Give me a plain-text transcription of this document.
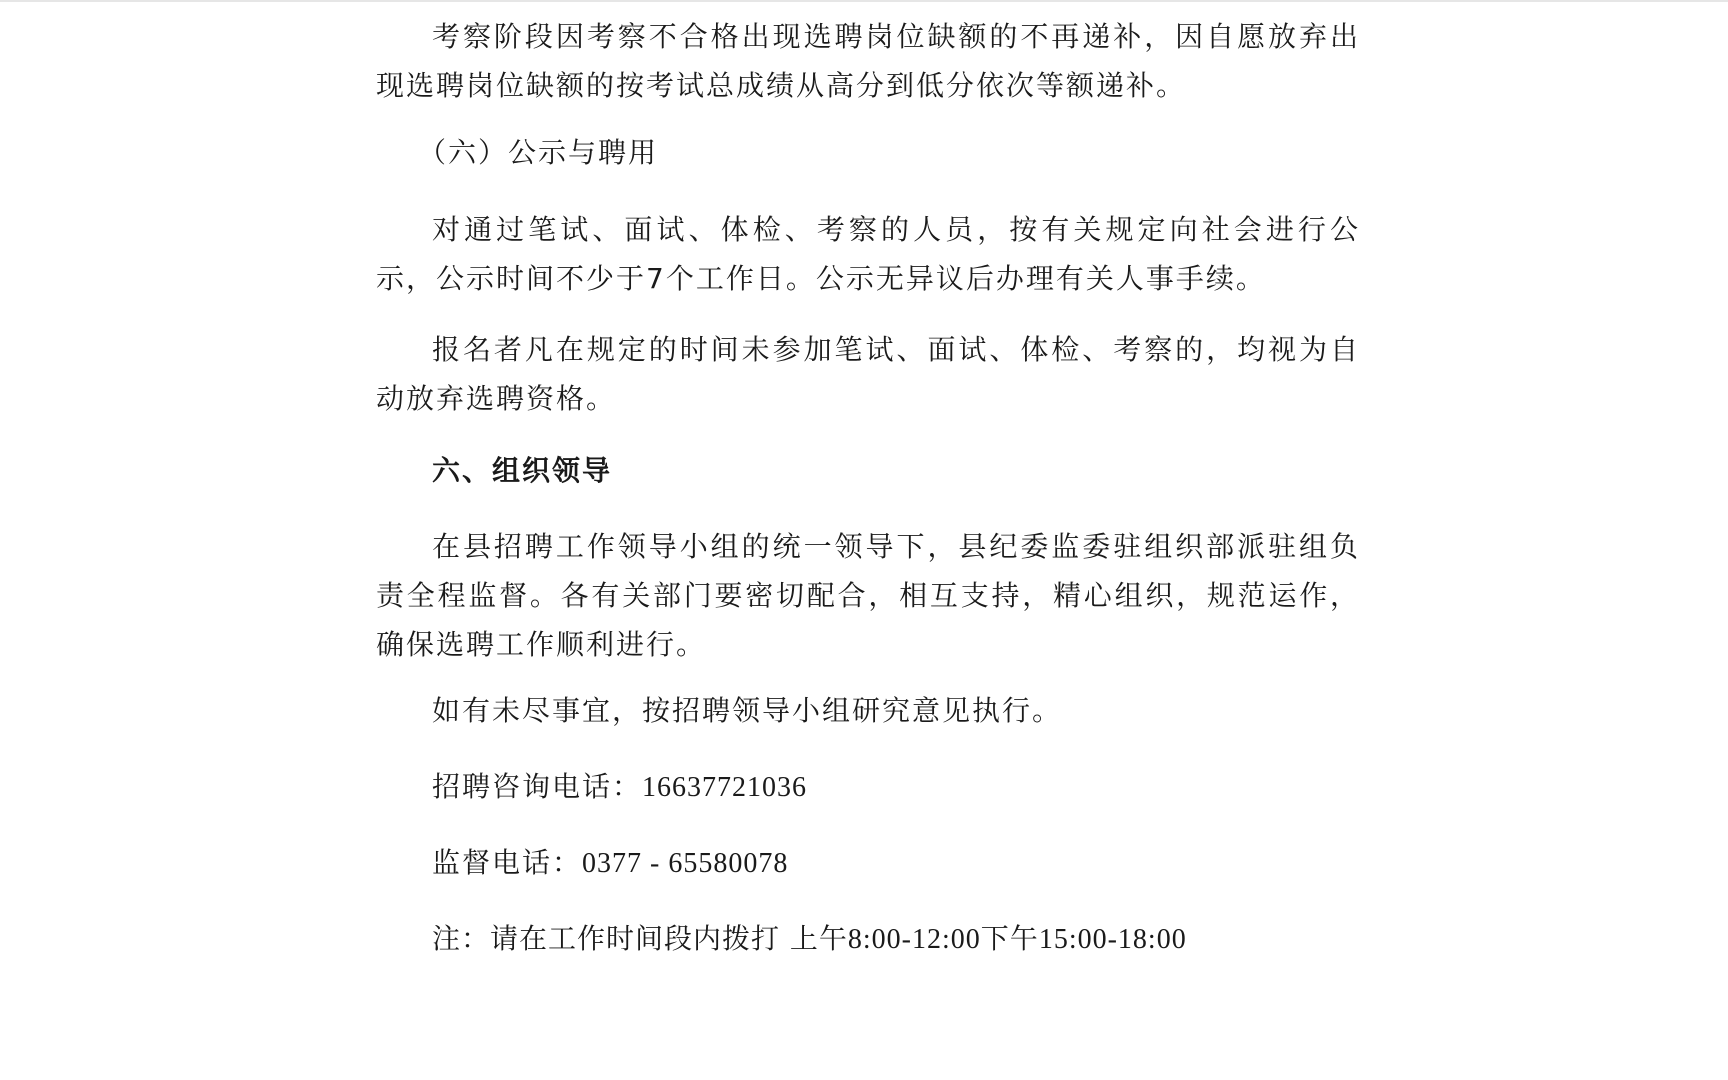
考察阶段因考察不合格出现选聘岗位缺额的不再递补，因自愿放弃出现选聘岗位缺额的按考试总成绩从高分到低分依次等额递补。

（六）公示与聘用

对通过笔试、面试、体检、考察的人员，按有关规定向社会进行公示，公示时间不少于7个工作日。公示无异议后办理有关人事手续。

报名者凡在规定的时间未参加笔试、面试、体检、考察的，均视为自动放弃选聘资格。

六、组织领导

在县招聘工作领导小组的统一领导下，县纪委监委驻组织部派驻组负责全程监督。各有关部门要密切配合，相互支持，精心组织，规范运作，确保选聘工作顺利进行。

如有未尽事宜，按招聘领导小组研究意见执行。

招聘咨询电话：16637721036

监督电话：0377 - 65580078

注：请在工作时间段内拨打 上午8:00-12:00下午15:00-18:00
